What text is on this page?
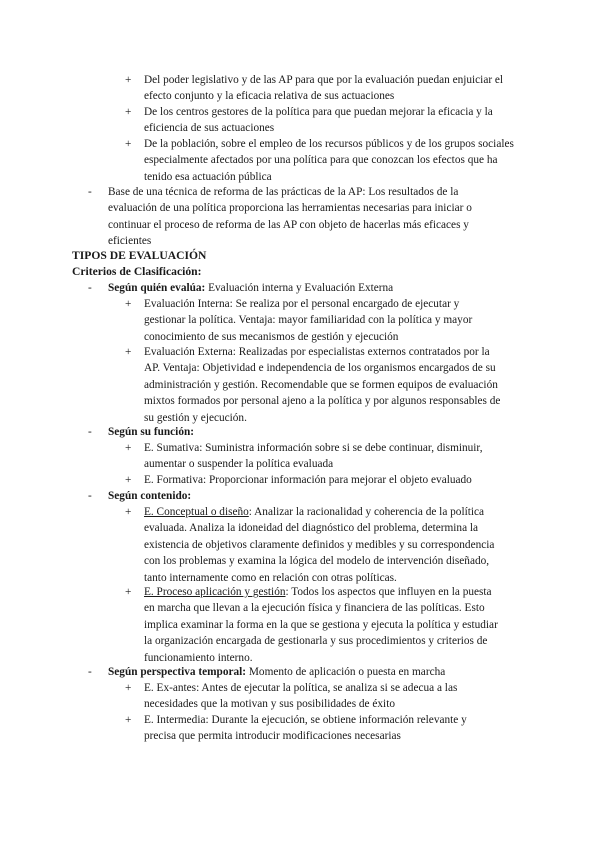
+ Del poder legislativo y de las AP para que por la evaluación puedan enjuiciar el efecto conjunto y la eficacia relativa de sus actuaciones
+ De los centros gestores de la política para que puedan mejorar la eficacia y la eficiencia de sus actuaciones
+ De la población, sobre el empleo de los recursos públicos y de los grupos sociales especialmente afectados por una política para que conozcan los efectos que ha tenido esa actuación pública
- Base de una técnica de reforma de las prácticas de la AP: Los resultados de la evaluación de una política proporciona las herramientas necesarias para iniciar o continuar el proceso de reforma de las AP con objeto de hacerlas más eficaces y eficientes
TIPOS DE EVALUACIÓN
Criterios de Clasificación:
- Según quién evalúa: Evaluación interna y Evaluación Externa
+ Evaluación Interna: Se realiza por el personal encargado de ejecutar y gestionar la política. Ventaja: mayor familiaridad con la política y mayor conocimiento de sus mecanismos de gestión y ejecución
+ Evaluación Externa: Realizadas por especialistas externos contratados por la AP. Ventaja: Objetividad e independencia de los organismos encargados de su administración y gestión. Recomendable que se formen equipos de evaluación mixtos formados por personal ajeno a la política y por algunos responsables de su gestión y ejecución.
- Según su función:
+ E. Sumativa: Suministra información sobre si se debe continuar, disminuir, aumentar o suspender la política evaluada
+ E. Formativa: Proporcionar información para mejorar el objeto evaluado
- Según contenido:
+ E. Conceptual o diseño: Analizar la racionalidad y coherencia de la política evaluada. Analiza la idoneidad del diagnóstico del problema, determina la existencia de objetivos claramente definidos y medibles y su correspondencia con los problemas y examina la lógica del modelo de intervención diseñado, tanto internamente como en relación con otras políticas.
+ E. Proceso aplicación y gestión: Todos los aspectos que influyen en la puesta en marcha que llevan a la ejecución física y financiera de las políticas. Esto implica examinar la forma en la que se gestiona y ejecuta la política y estudiar la organización encargada de gestionarla y sus procedimientos y criterios de funcionamiento interno.
- Según perspectiva temporal: Momento de aplicación o puesta en marcha
+ E. Ex-antes: Antes de ejecutar la política, se analiza si se adecua a las necesidades que la motivan y sus posibilidades de éxito
+ E. Intermedia: Durante la ejecución, se obtiene información relevante y precisa que permita introducir modificaciones necesarias
